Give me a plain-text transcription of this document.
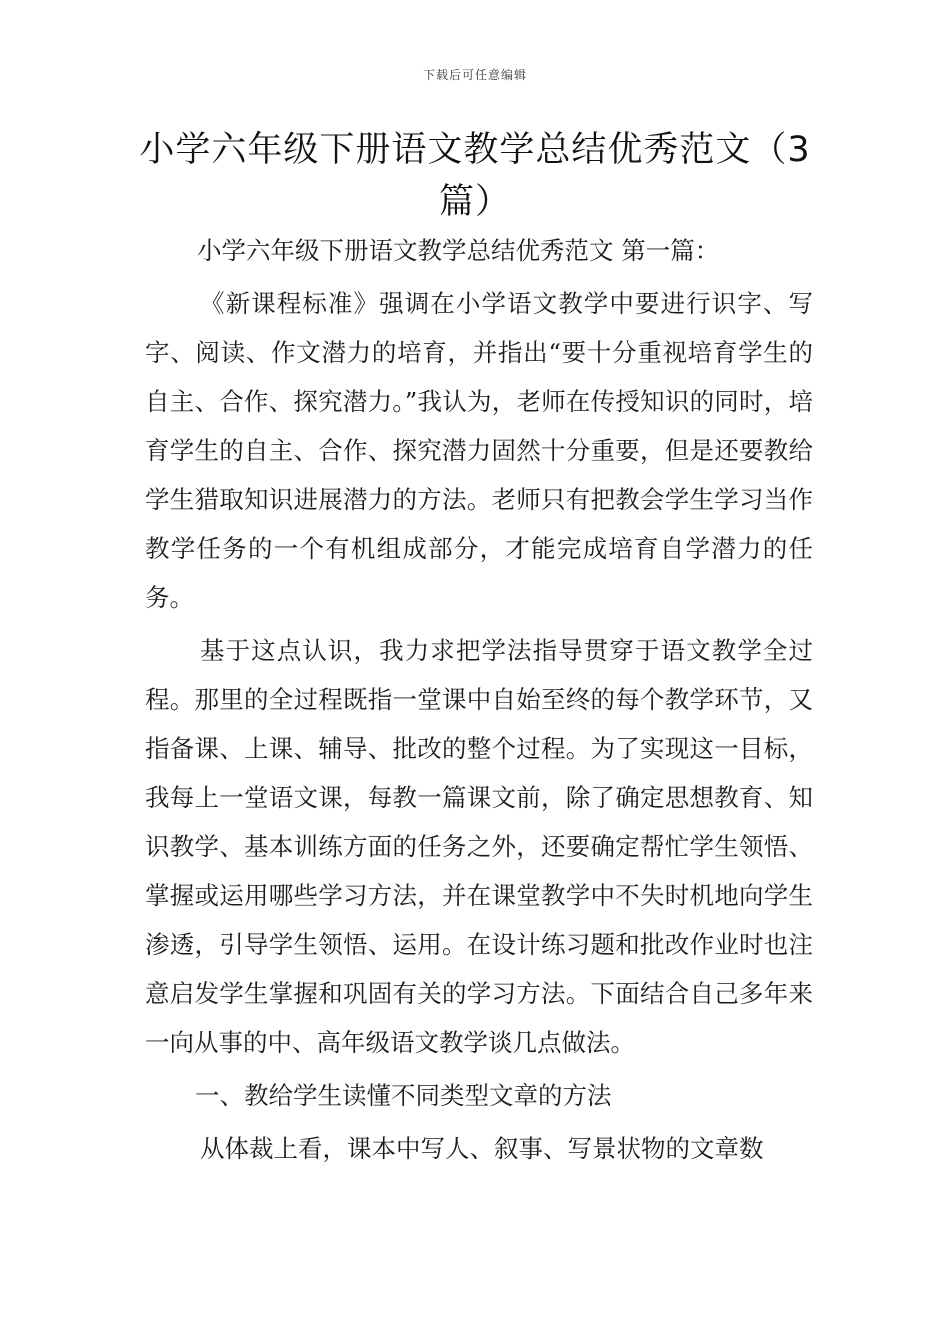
下载后可任意编辑
小学六年级下册语文教学总结优秀范文（3篇）

小学六年级下册语文教学总结优秀范文 第一篇：

《新课程标准》强调在小学语文教学中要进行识字、写字、阅读、作文潜力的培育，并指出“要十分重视培育学生的自主、合作、探究潜力。”我认为，老师在传授知识的同时，培育学生的自主、合作、探究潜力固然十分重要，但是还要教给学生猎取知识进展潜力的方法。老师只有把教会学生学习当作教学任务的一个有机组成部分，才能完成培育自学潜力的任务。

基于这点认识，我力求把学法指导贯穿于语文教学全过程。那里的全过程既指一堂课中自始至终的每个教学环节，又指备课、上课、辅导、批改的整个过程。为了实现这一目标，我每上一堂语文课，每教一篇课文前，除了确定思想教育、知识教学、基本训练方面的任务之外，还要确定帮忙学生领悟、掌握或运用哪些学习方法，并在课堂教学中不失时机地向学生渗透，引导学生领悟、运用。在设计练习题和批改作业时也注意启发学生掌握和巩固有关的学习方法。下面结合自己多年来一向从事的中、高年级语文教学谈几点做法。

一、教给学生读懂不同类型文章的方法

从体裁上看，课本中写人、叙事、写景状物的文章数
